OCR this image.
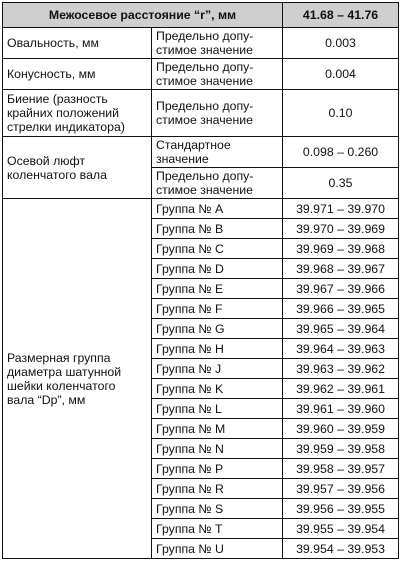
Межосевое расстояние “r”, мм		41.68 – 41.76
Овальность, мм	Предельно допу-
стимое значение	0.003
Конусность, мм	Предельно допу-
стимое значение	0.004
Биение (разность
крайних положений
стрелки индикатора)	Предельно допу-
стимое значение	0.10
Осевой люфт
коленчатого вала	Стандартное
значение	0.098 – 0.260
	Предельно допу-
стимое значение	0.35
Размерная группа
диаметра шатунной
шейки коленчатого
вала “Dp”, мм	Группа № A	39.971 – 39.970
	Группа № B	39.970 – 39.969
	Группа № C	39.969 – 39.968
	Группа № D	39.968 – 39.967
	Группа № E	39.967 – 39.966
	Группа № F	39.966 – 39.965
	Группа № G	39.965 – 39.964
	Группа № H	39.964 – 39.963
	Группа № J	39.963 – 39.962
	Группа № K	39.962 – 39.961
	Группа № L	39.961 – 39.960
	Группа № M	39.960 – 39.959
	Группа № N	39.959 – 39.958
	Группа № P	39.958 – 39.957
	Группа № R	39.957 – 39.956
	Группа № S	39.956 – 39.955
	Группа № T	39.955 – 39.954
	Группа № U	39.954 – 39.953
